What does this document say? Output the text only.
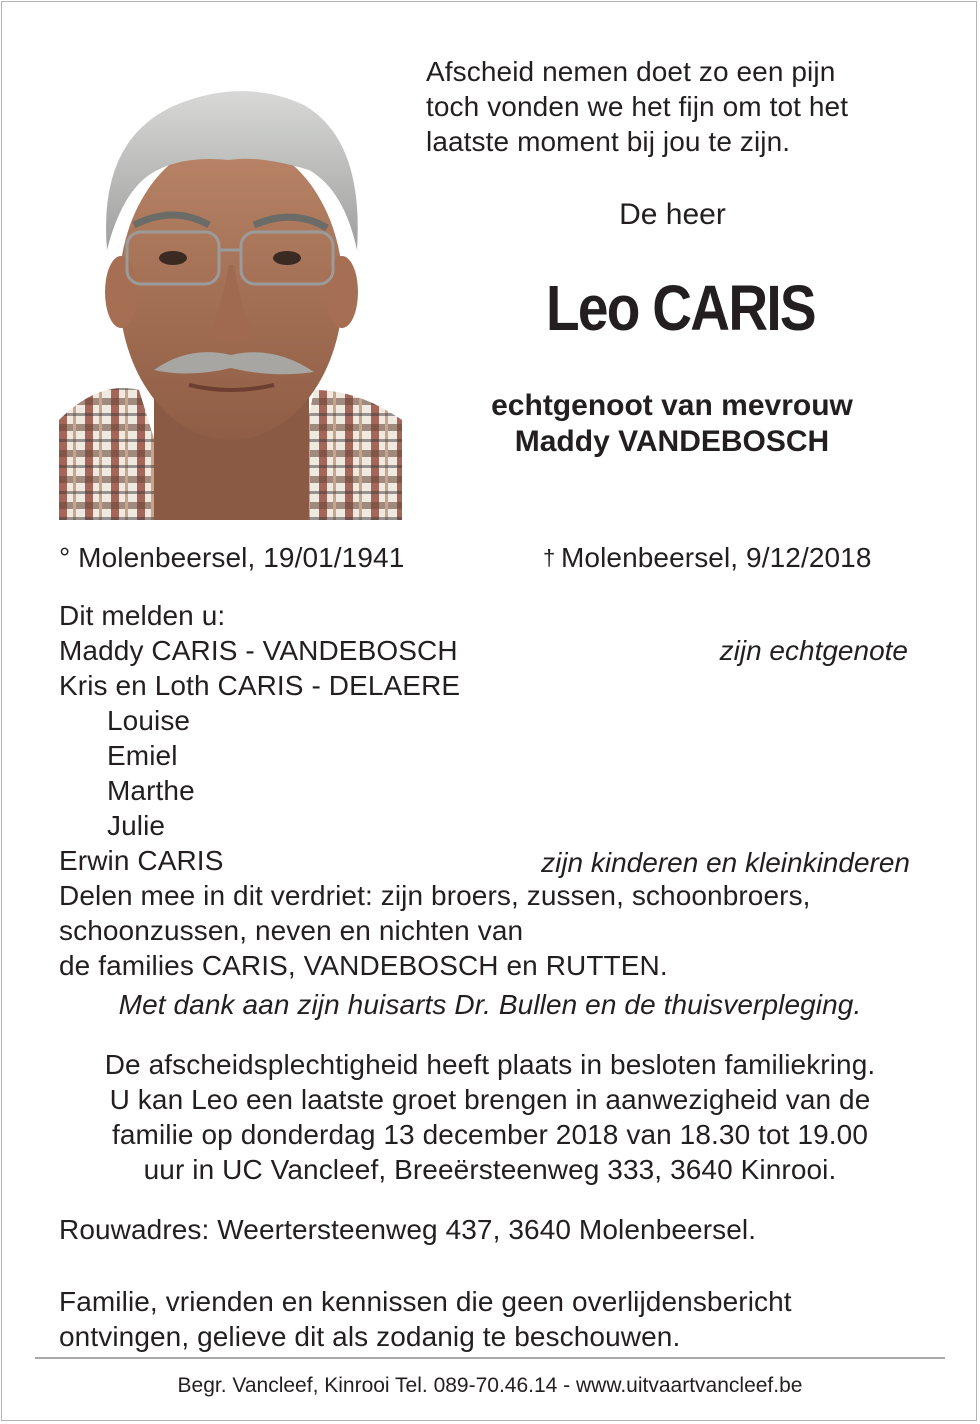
Afscheid nemen doet zo een pijn
toch vonden we het fijn om tot het
laatste moment bij jou te zijn.
De heer
Leo CARIS
echtgenoot van mevrouw
Maddy VANDEBOSCH
° Molenbeersel, 19/01/1941	† Molenbeersel, 9/12/2018
Dit melden u:
Maddy CARIS - VANDEBOSCH
Kris en Loth CARIS - DELAERE
Louise
Emiel
Marthe
Julie
Erwin CARIS
Delen mee in dit verdriet: zijn broers, zussen, schoonbroers,
schoonzussen, neven en nichten van
de families CARIS, VANDEBOSCH en RUTTEN.
zijn echtgenote
zijn kinderen en kleinkinderen
Met dank aan zijn huisarts Dr. Bullen en de thuisverpleging.
De afscheidsplechtigheid heeft plaats in besloten familiekring.
U kan Leo een laatste groet brengen in aanwezigheid van de
familie op donderdag 13 december 2018 van 18.30 tot 19.00
uur in UC Vancleef, Breeërsteenweg 333, 3640 Kinrooi.
Rouwadres: Weertersteenweg 437, 3640 Molenbeersel.
Familie, vrienden en kennissen die geen overlijdensbericht
ontvingen, gelieve dit als zodanig te beschouwen.
Begr. Vancleef, Kinrooi Tel. 089-70.46.14 - www.uitvaartvancleef.be
